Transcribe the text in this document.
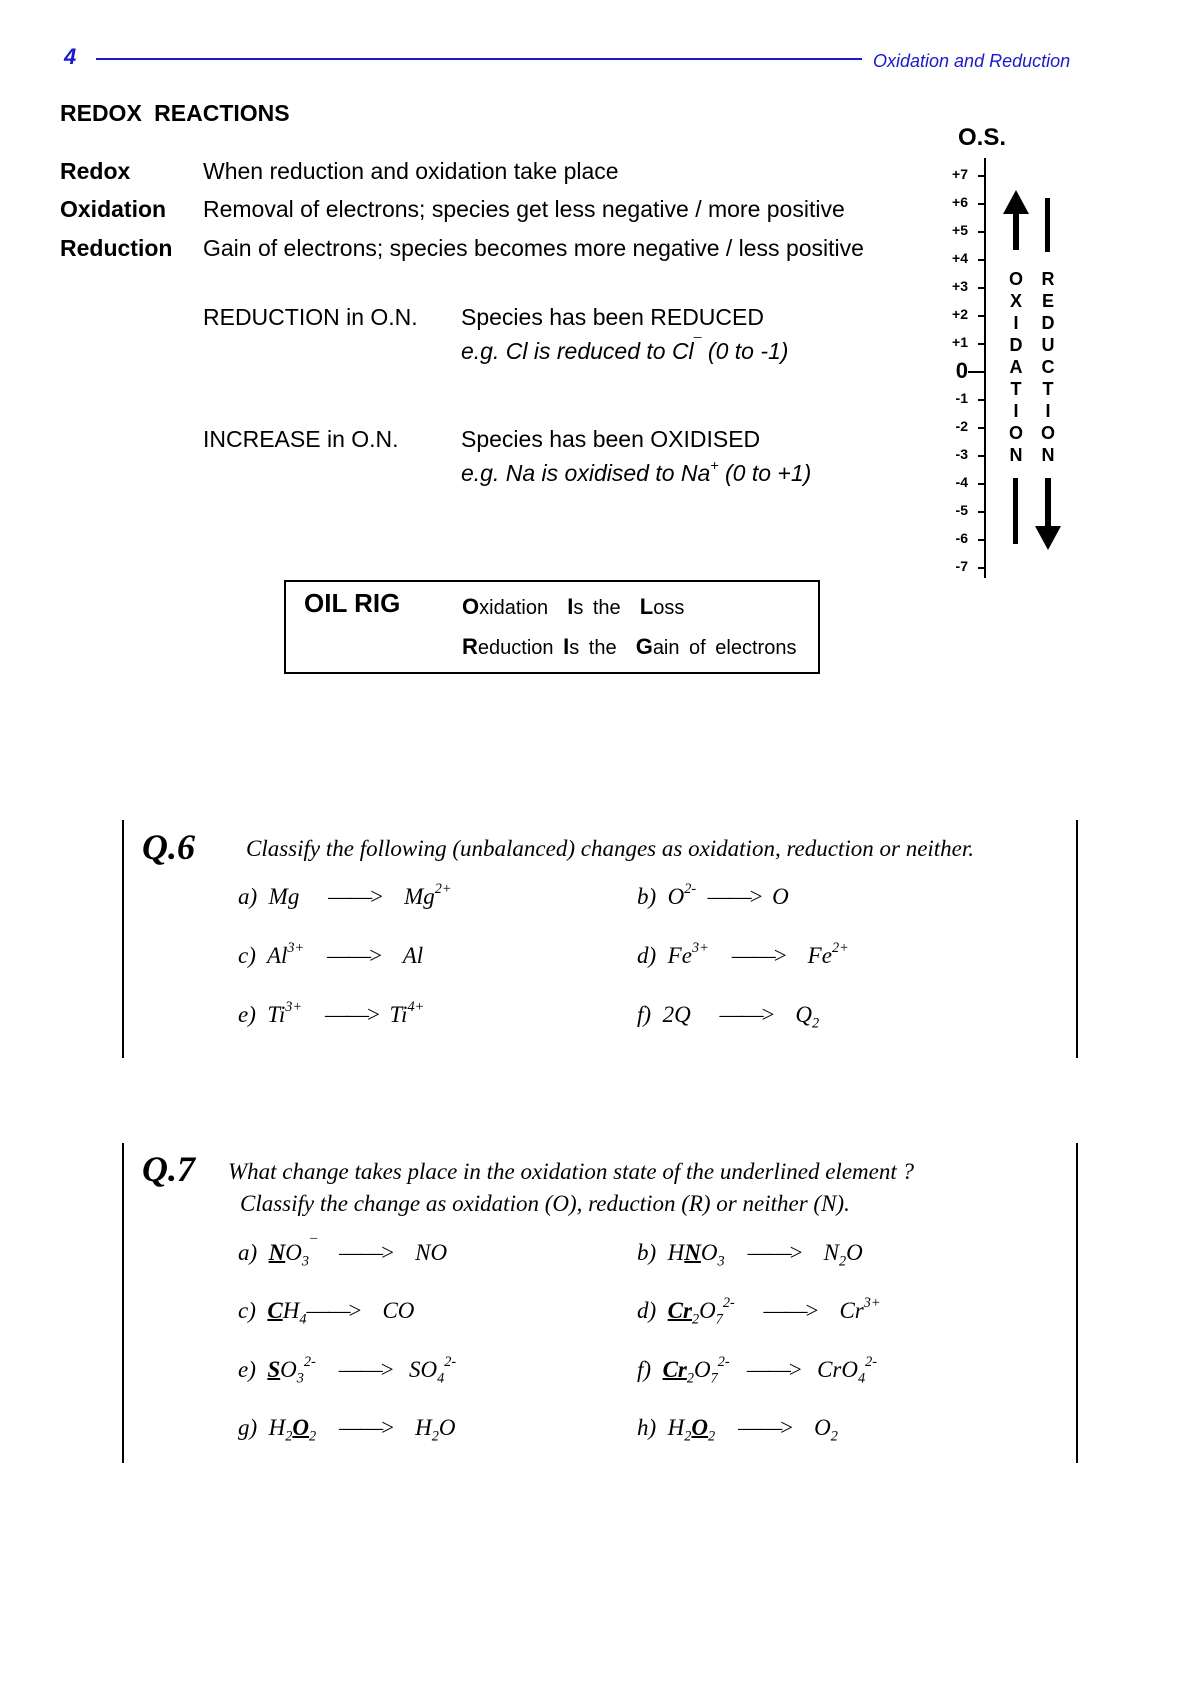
4	Oxidation and Reduction
REDOX REACTIONS
Redox	When reduction and oxidation take place
Oxidation Removal of electrons; species get less negative / more positive
Reduction Gain of electrons; species becomes more negative / less positive
REDUCTION in O.N. Species has been REDUCED
e.g. Cl is reduced to Cl¯ (0 to -1)
INCREASE in O.N.	Species has been OXIDISED
e.g. Na is oxidised to Na+ (0 to +1)
OIL RIG	Oxidation Is the Loss
Reduction Is the Gain of electrons
O.S.
+7
+6
+5
+4
+3
+2
+1
0
-1
-2
-3
-4
-5
-6
-7
O
X
I
D
A
T
I
O
N
R
E
D
U
C
T
I
O
N
Q.6 Classify the following (unbalanced) changes as oxidation, reduction or neither.
a) Mg ——> $Mg^{2+}$	b) $O^{2-}$ ——> O
c) $Al^{3+}$ ——> Al	d) $Fe^{3+}$ ——> $Fe^{2+}$
e) $Ti^{3+}$ ——> $Ti^{4+}$	f) 2Q ——> $Q_2$
Q.7 What change takes place in the oxidation state of the underlined element ?
Classify the change as oxidation (O), reduction (R) or neither (N).
a) $NO_3^¯$ ——> NO	b) $HNO_3$ ——> $N_2O$
c) $CH_4——>$ CO	d) $Cr_2O_7^{2-}$ ——> $Cr^{3+}$
e) $SO_3^{2-}$ ——> $SO_4^{2-}$	f) $Cr_2O_7^{2-}$ ——> CrO$_4^{2-}$
g) $H_2O_2$ ——> $H_2O$	h) $H_2O_2$ ——> $O_2$
